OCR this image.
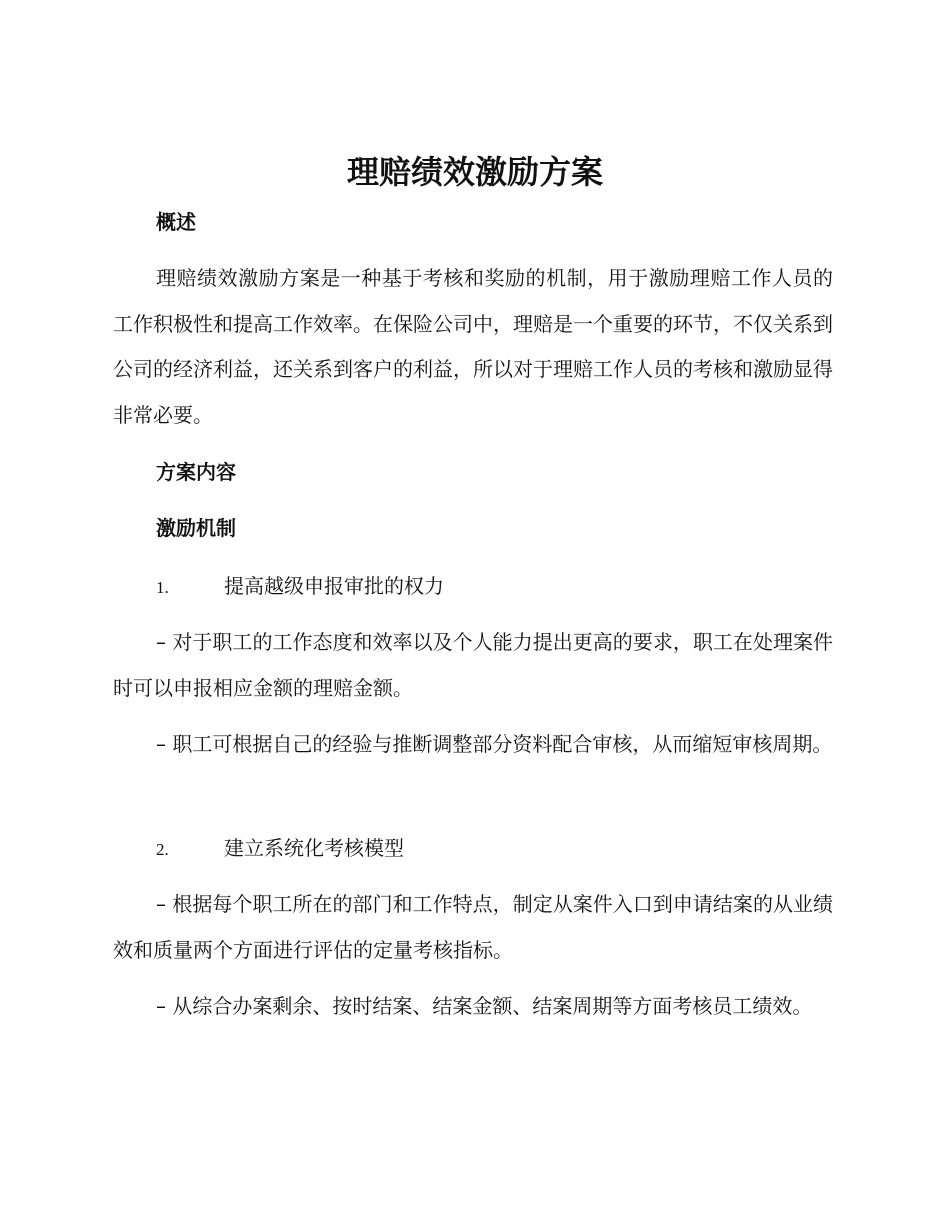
理赔绩效激励方案
概述
理赔绩效激励方案是一种基于考核和奖励的机制，用于激励理赔工作人员的工作积极性和提高工作效率。在保险公司中，理赔是一个重要的环节，不仅关系到公司的经济利益，还关系到客户的利益，所以对于理赔工作人员的考核和激励显得非常必要。
方案内容
激励机制
1.	提高越级申报审批的权力
– 对于职工的工作态度和效率以及个人能力提出更高的要求，职工在处理案件时可以申报相应金额的理赔金额。
– 职工可根据自己的经验与推断调整部分资料配合审核，从而缩短审核周期。
2.	建立系统化考核模型
– 根据每个职工所在的部门和工作特点，制定从案件入口到申请结案的从业绩效和质量两个方面进行评估的定量考核指标。
– 从综合办案剩余、按时结案、结案金额、结案周期等方面考核员工绩效。
